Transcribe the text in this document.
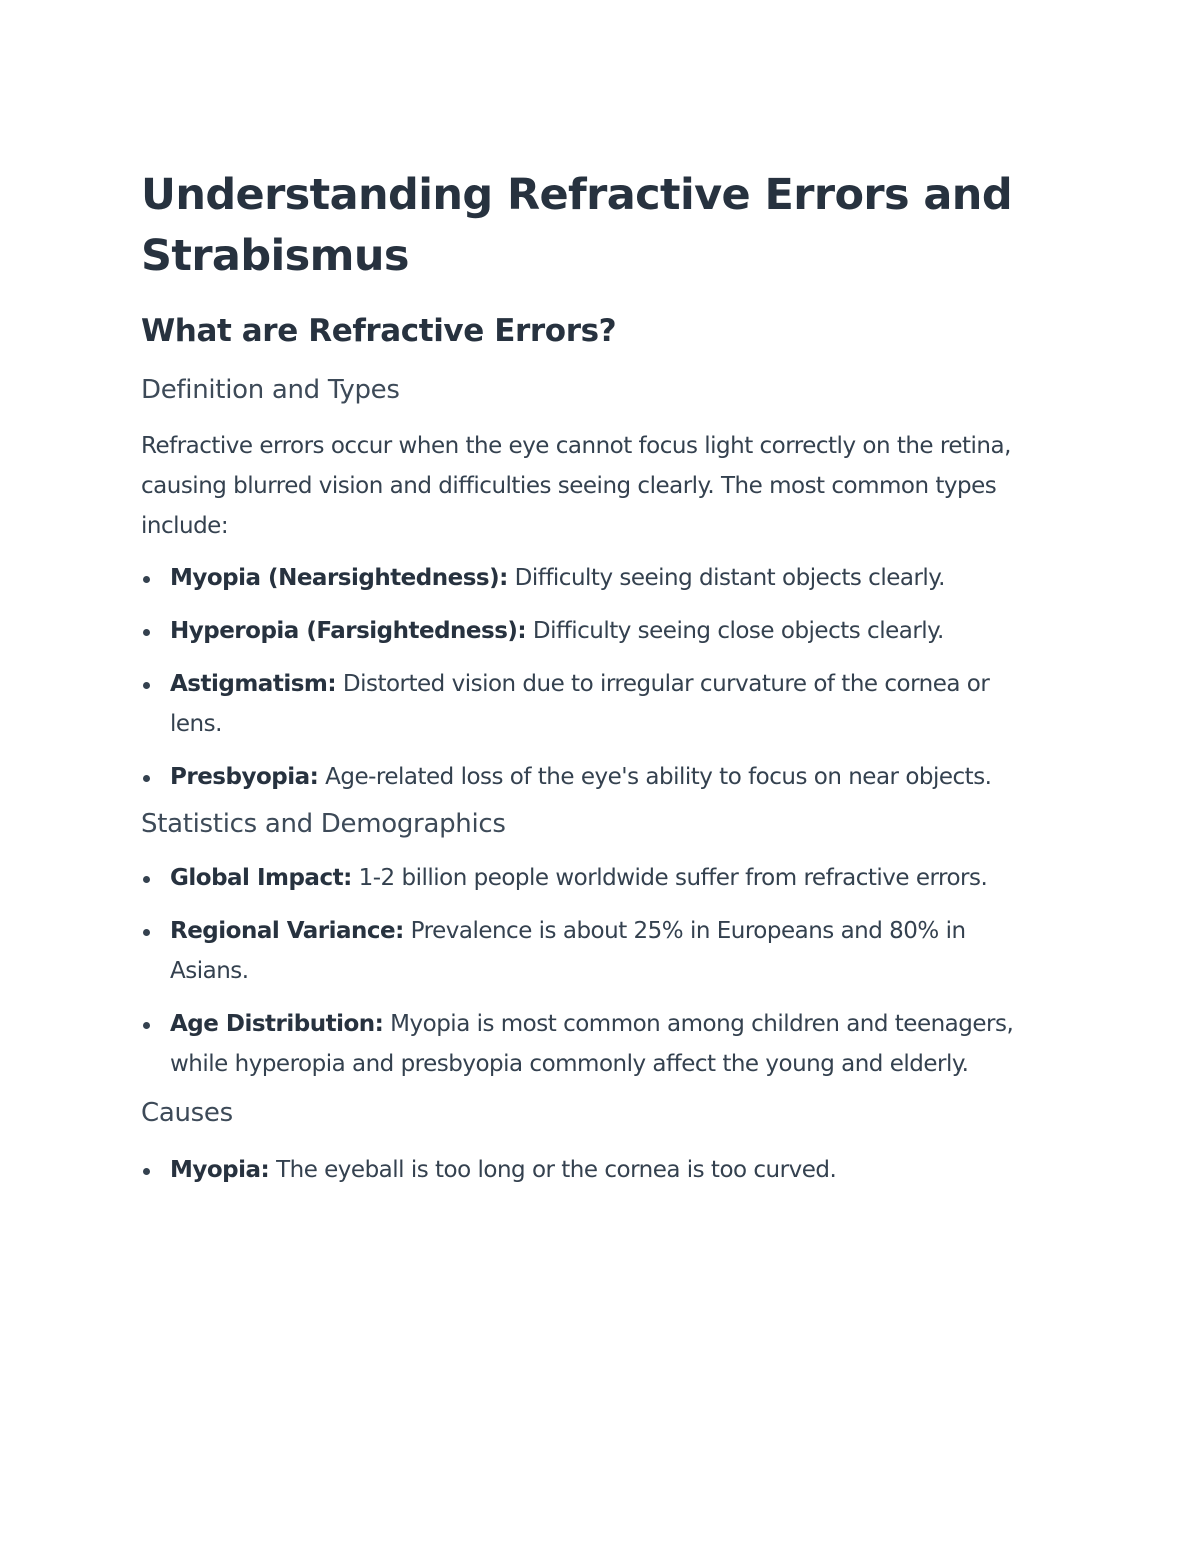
Understanding Refractive Errors and Strabismus
What are Refractive Errors?
Definition and Types

Refractive errors occur when the eye cannot focus light correctly on the retina, causing blurred vision and difficulties seeing clearly. The most common types include:

Myopia (Nearsightedness): Difficulty seeing distant objects clearly.
Hyperopia (Farsightedness): Difficulty seeing close objects clearly.
Astigmatism: Distorted vision due to irregular curvature of the cornea or lens.
Presbyopia: Age-related loss of the eye's ability to focus on near objects.
Statistics and Demographics
Global Impact: 1-2 billion people worldwide suffer from refractive errors.
Regional Variance: Prevalence is about 25% in Europeans and 80% in Asians.
Age Distribution: Myopia is most common among children and teenagers, while hyperopia and presbyopia commonly affect the young and elderly.
Causes
Myopia: The eyeball is too long or the cornea is too curved.
